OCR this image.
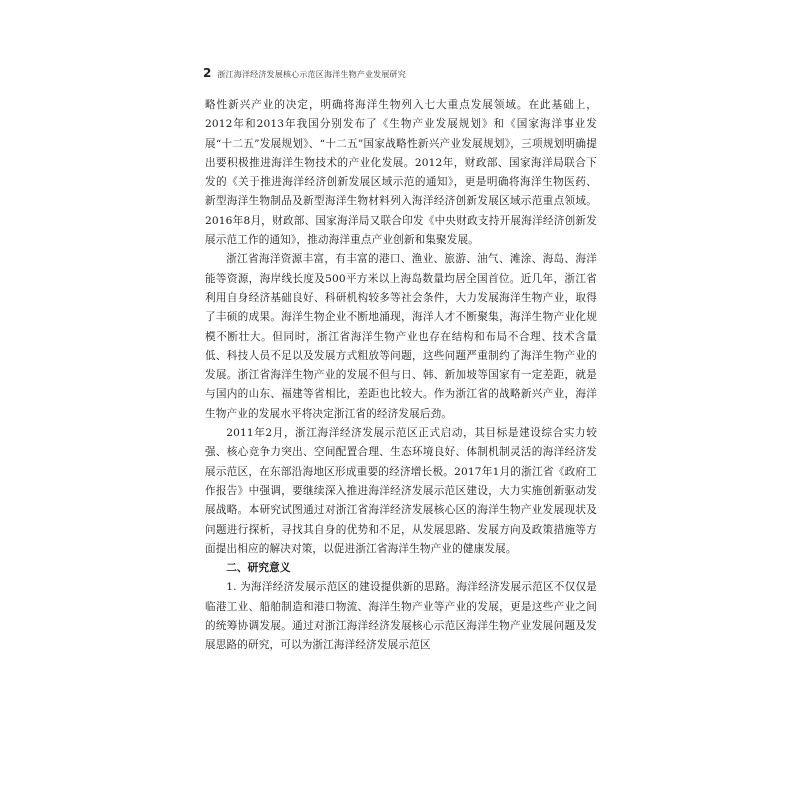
2 浙江海洋经济发展核心示范区海洋生物产业发展研究

略性新兴产业的决定，明确将海洋生物列入七大重点发展领域。在此基础上，2012年和2013年我国分别发布了《生物产业发展规划》和《国家海洋事业发展“十二五”发展规划》、“十二五”国家战略性新兴产业发展规划》，三项规划明确提出要积极推进海洋生物技术的产业化发展。2012年，财政部、国家海洋局联合下发的《关于推进海洋经济创新发展区域示范的通知》，更是明确将海洋生物医药、新型海洋生物制品及新型海洋生物材料列入海洋经济创新发展区域示范重点领域。2016年8月，财政部、国家海洋局又联合印发《中央财政支持开展海洋经济创新发展示范工作的通知》，推动海洋重点产业创新和集聚发展。

浙江省海洋资源丰富，有丰富的港口、渔业、旅游、油气、滩涂、海岛、海洋能等资源，海岸线长度及500平方米以上海岛数量均居全国首位。近几年，浙江省利用自身经济基础良好、科研机构较多等社会条件，大力发展海洋生物产业，取得了丰硕的成果。海洋生物企业不断地涌现，海洋人才不断聚集，海洋生物产业化规模不断壮大。但同时，浙江省海洋生物产业也存在结构和布局不合理、技术含量低、科技人员不足以及发展方式粗放等问题，这些问题严重制约了海洋生物产业的发展。浙江省海洋生物产业的发展不但与日、韩、新加坡等国家有一定差距，就是与国内的山东、福建等省相比，差距也比较大。作为浙江省的战略新兴产业，海洋生物产业的发展水平将决定浙江省的经济发展后劲。

2011年2月，浙江海洋经济发展示范区正式启动，其目标是建设综合实力较强、核心竞争力突出、空间配置合理、生态环境良好、体制机制灵活的海洋经济发展示范区，在东部沿海地区形成重要的经济增长极。2017年1月的浙江省《政府工作报告》中强调，要继续深入推进海洋经济发展示范区建设，大力实施创新驱动发展战略。本研究试图通过对浙江省海洋经济发展核心区的海洋生物产业发展现状及问题进行探析，寻找其自身的优势和不足，从发展思路、发展方向及政策措施等方面提出相应的解决对策，以促进浙江省海洋生物产业的健康发展。

二、研究意义

1. 为海洋经济发展示范区的建设提供新的思路。海洋经济发展示范区不仅仅是临港工业、船舶制造和港口物流、海洋生物产业等产业的发展，更是这些产业之间的统筹协调发展。通过对浙江海洋经济发展核心示范区海洋生物产业发展问题及发展思路的研究，可以为浙江海洋经济发展示范区
